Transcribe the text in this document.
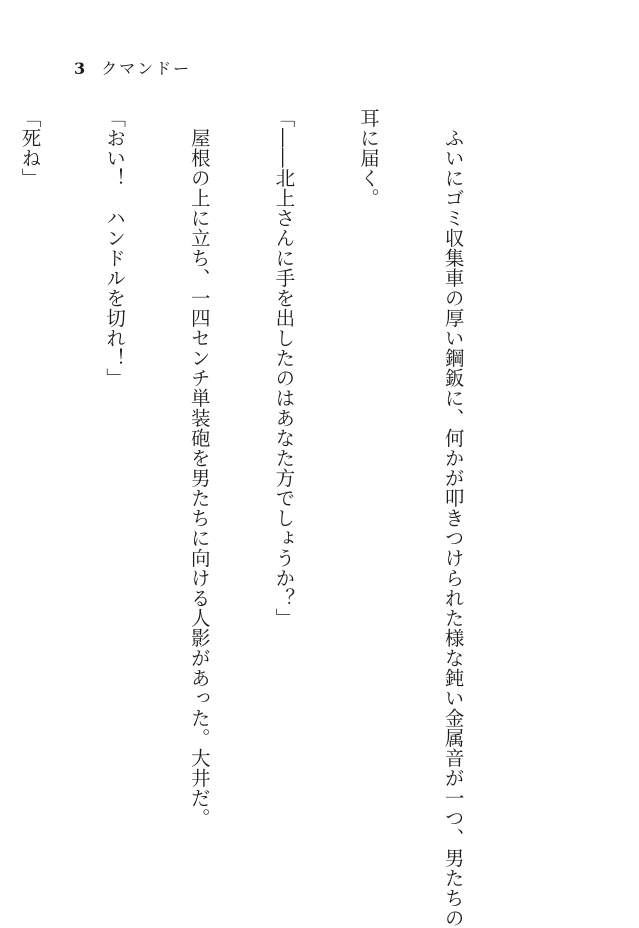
3 クマンドー

　ふいにゴミ収集車の厚い鋼鈑に、何かが叩きつけられた様な鈍い金属音が一つ、男たちの

耳に届く。

「――北上さんに手を出したのはあなた方でしょうか？」

　屋根の上に立ち、一四センチ単装砲を男たちに向ける人影があった。大井だ。

「おい！　ハンドルを切れ！」

「死ね」
